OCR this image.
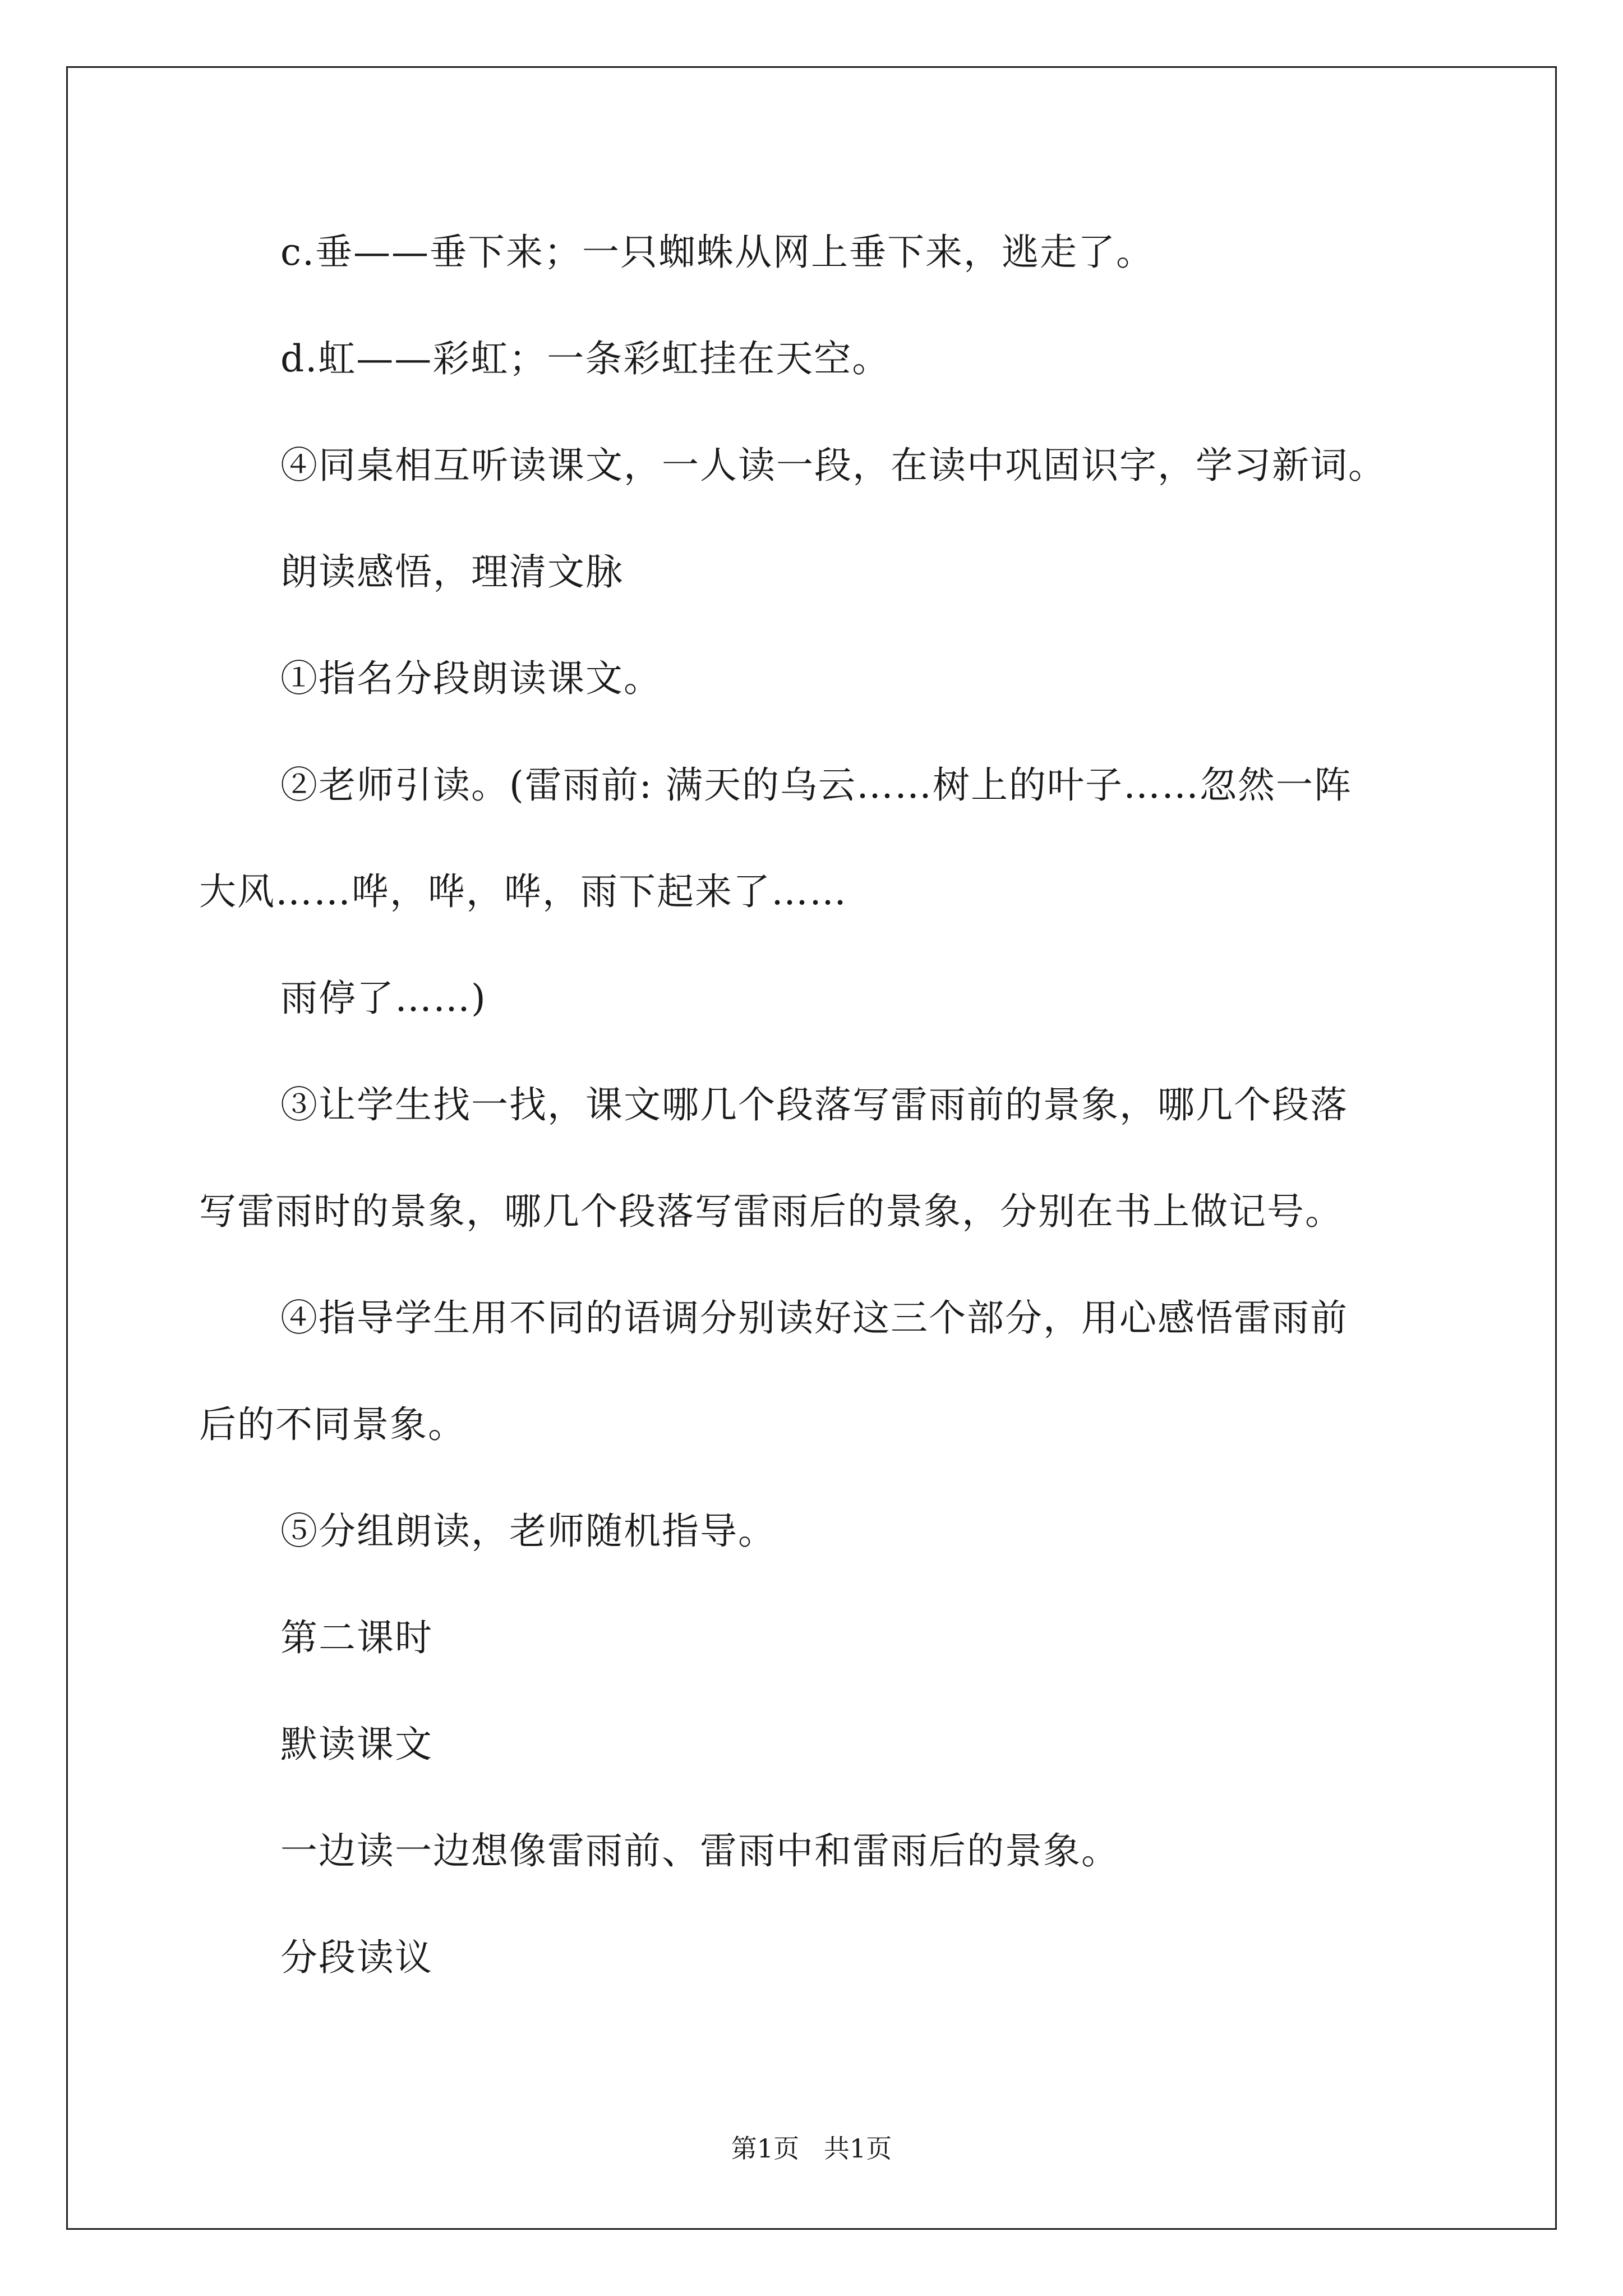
c.垂——垂下来；一只蜘蛛从网上垂下来，逃走了。
d.虹——彩虹；一条彩虹挂在天空。
④同桌相互听读课文，一人读一段，在读中巩固识字，学习新词。
朗读感悟，理清文脉
①指名分段朗读课文。
②老师引读。(雷雨前: 满天的乌云……树上的叶子……忽然一阵
大风……哗，哗，哗，雨下起来了……
雨停了……)
③让学生找一找，课文哪几个段落写雷雨前的景象，哪几个段落
写雷雨时的景象，哪几个段落写雷雨后的景象，分别在书上做记号。
④指导学生用不同的语调分别读好这三个部分，用心感悟雷雨前
后的不同景象。
⑤分组朗读，老师随机指导。
第二课时
默读课文
一边读一边想像雷雨前、雷雨中和雷雨后的景象。
分段读议
第1页   共1页
